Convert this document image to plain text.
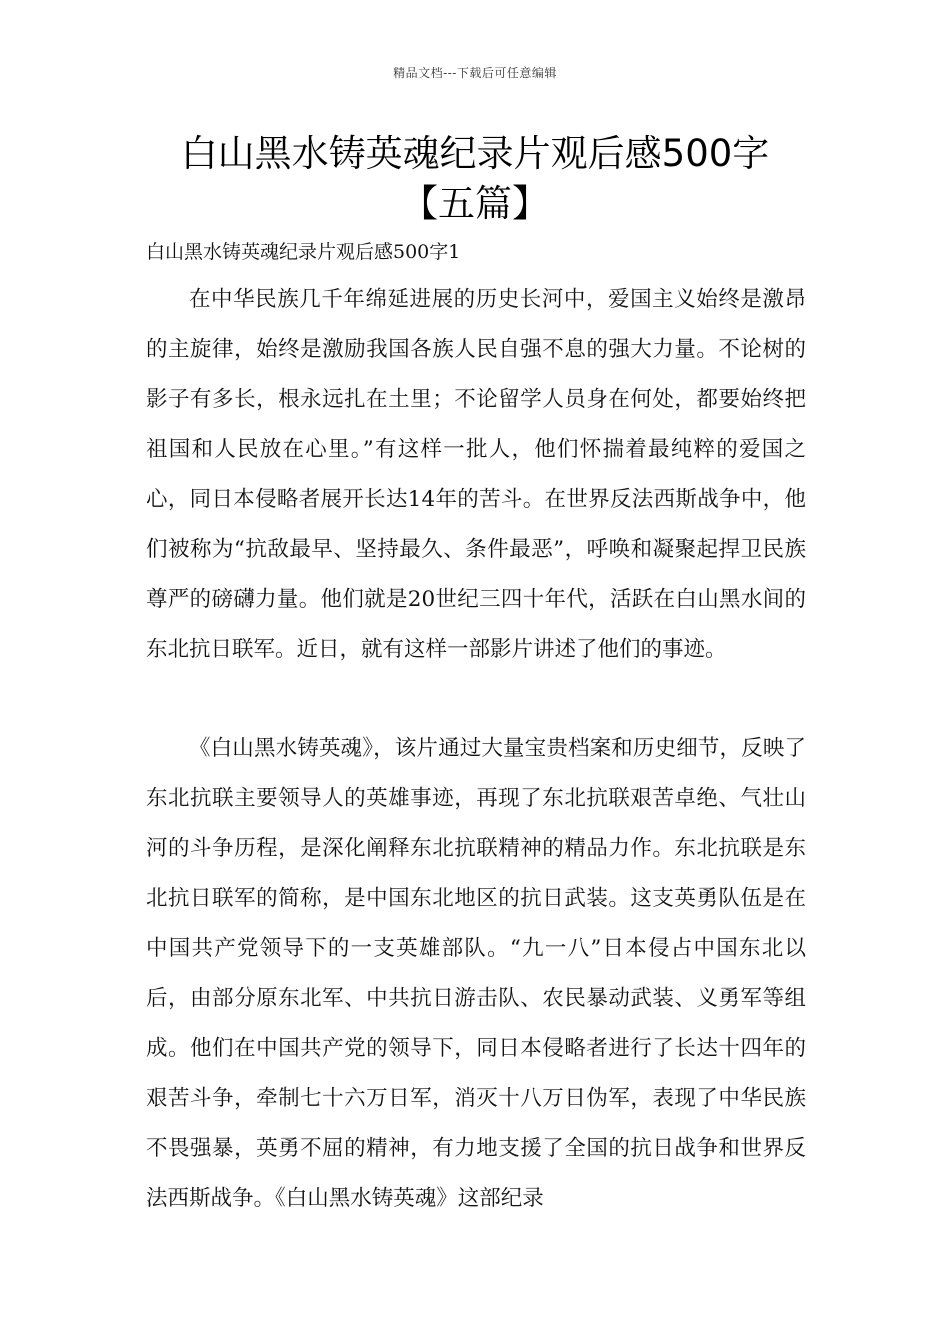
精品文档---下载后可任意编辑
白山黑水铸英魂纪录片观后感500字
【五篇】
白山黑水铸英魂纪录片观后感500字1

在中华民族几千年绵延进展的历史长河中，爱国主义始终是激昂的主旋律，始终是激励我国各族人民自强不息的强大力量。不论树的影子有多长，根永远扎在土里；不论留学人员身在何处，都要始终把祖国和人民放在心里。”有这样一批人，他们怀揣着最纯粹的爱国之心，同日本侵略者展开长达14年的苦斗。在世界反法西斯战争中，他们被称为“抗敌最早、坚持最久、条件最恶”，呼唤和凝聚起捍卫民族尊严的磅礴力量。他们就是20世纪三四十年代，活跃在白山黑水间的东北抗日联军。近日，就有这样一部影片讲述了他们的事迹。

《白山黑水铸英魂》，该片通过大量宝贵档案和历史细节，反映了东北抗联主要领导人的英雄事迹，再现了东北抗联艰苦卓绝、气壮山河的斗争历程，是深化阐释东北抗联精神的精品力作。东北抗联是东北抗日联军的简称，是中国东北地区的抗日武装。这支英勇队伍是在中国共产党领导下的一支英雄部队。“九一八”日本侵占中国东北以后，由部分原东北军、中共抗日游击队、农民暴动武装、义勇军等组成。他们在中国共产党的领导下，同日本侵略者进行了长达十四年的艰苦斗争，牵制七十六万日军，消灭十八万日伪军，表现了中华民族不畏强暴，英勇不屈的精神，有力地支援了全国的抗日战争和世界反法西斯战争。《白山黑水铸英魂》这部纪录
